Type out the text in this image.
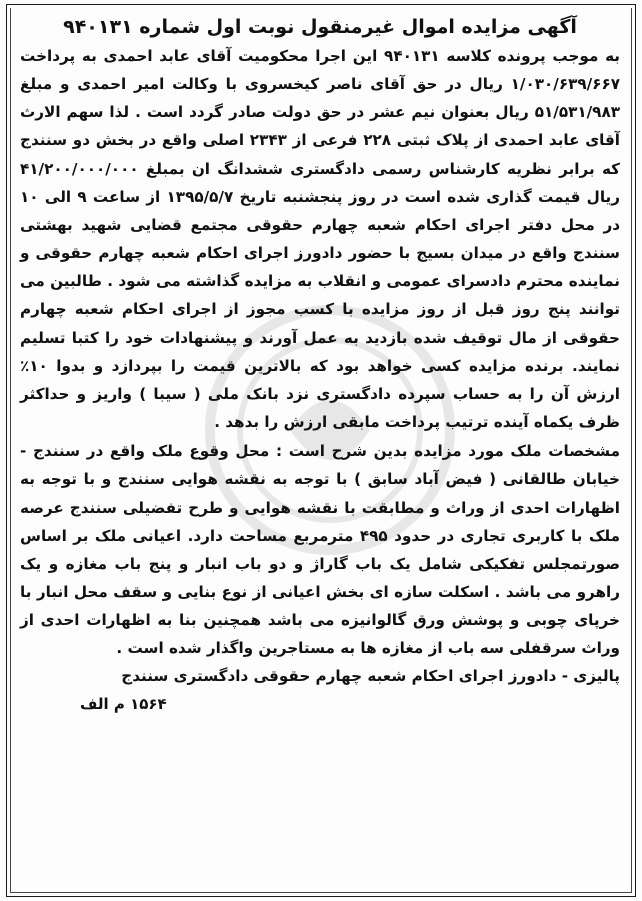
آگهی مزایده اموال غیرمنقول نوبت اول شماره ۹۴۰۱۳۱

به موجب پرونده کلاسه ۹۴۰۱۳۱ این اجرا محکومیت آقای عابد احمدی به پرداخت ۱/۰۳۰/۶۳۹/۶۶۷ ریال در حق آقای ناصر کیخسروی با وکالت امیر احمدی و مبلغ ۵۱/۵۳۱/۹۸۳ ریال بعنوان نیم عشر در حق دولت صادر گردد است . لذا سهم الارث آقای عابد احمدی از پلاک ثبتی ۲۲۸ فرعی از ۲۳۴۳ اصلی واقع در بخش دو سنندج که برابر نظریه کارشناس رسمی دادگستری ششدانگ ان بمبلغ ۴۱/۲۰۰/۰۰۰/۰۰۰ ریال قیمت گذاری شده است در روز پنجشنبه تاریخ ۱۳۹۵/۵/۷ از ساعت ۹ الی ۱۰ در محل دفتر اجرای احکام شعبه چهارم حقوقی مجتمع قضایی شهید بهشتی سنندج واقع در میدان بسیج با حضور دادورز اجرای احکام شعبه چهارم حقوقی و نماینده محترم دادسرای عمومی و انقلاب به مزایده گذاشته می شود . طالبین می توانند پنج روز قبل از روز مزایده با کسب مجوز از اجرای احکام شعبه چهارم حقوقی از مال توقیف شده بازدید به عمل آورند و پیشنهادات خود را کتبا تسلیم نمایند. برنده مزایده کسی خواهد بود که بالاترین قیمت را بپردازد و بدوا ۱۰٪ ارزش آن را به حساب سپرده دادگستری نزد بانک ملی ( سیبا ) واریز و حداکثر ظرف یکماه آینده ترتیب پرداخت مابقی ارزش را بدهد .

مشخصات ملک مورد مزایده بدین شرح است : محل وقوع ملک واقع در سنندج - خیابان طالقانی ( فیض آباد سابق ) با توجه به نقشه هوایی سنندج و با توجه به اظهارات احدی از وراث و مطابقت با نقشه هوایی و طرح تفضیلی سنندج عرصه ملک با کاربری تجاری در حدود ۴۹۵ مترمربع مساحت دارد. اعیانی ملک بر اساس صورتمجلس تفکیکی شامل یک باب گاراژ و دو باب انبار و پنج باب مغازه و یک راهرو می باشد . اسکلت سازه ای بخش اعیانی از نوع بنایی و سقف محل انبار با خرپای چوبی و پوشش ورق گالوانیزه می باشد همچنین بنا به اظهارات احدی از وراث سرقفلی سه باب از مغازه ها به مستاجرین واگذار شده است .

پالیزی - دادورز اجرای احکام شعبه چهارم حقوقی دادگستری سنندج

۱۵۶۴ م الف
